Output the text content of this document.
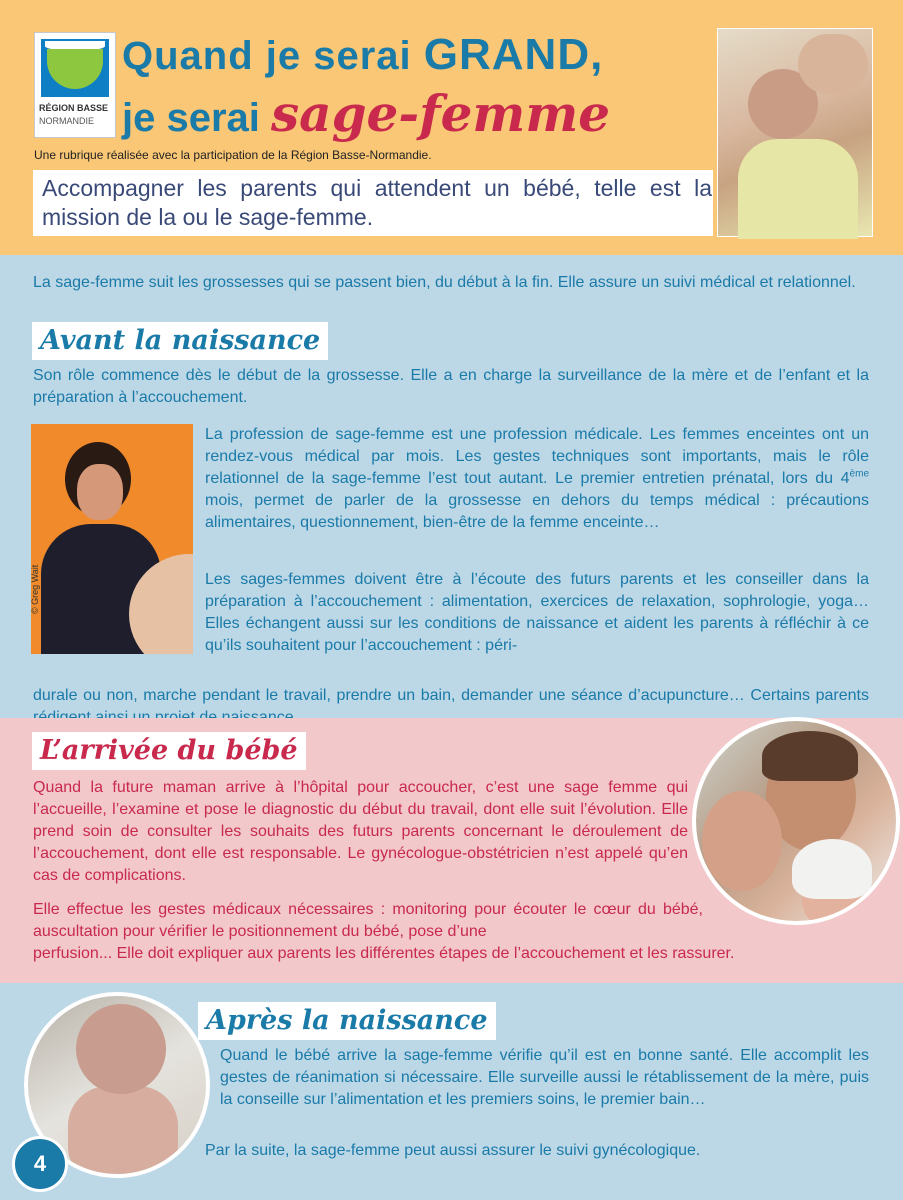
RÉGION BASSE
NORMANDIE
Quand je serai GRAND,
je serai sage-femme
Une rubrique réalisée avec la participation de la Région Basse-Normandie.
Accompagner les parents qui attendent un bébé, telle est la mission de la ou le sage-femme.
La sage-femme suit les grossesses qui se passent bien, du début à la fin. Elle assure un suivi médical et relationnel.
Avant la naissance
Son rôle commence dès le début de la grossesse. Elle a en charge la surveillance de la mère et de l’enfant et la préparation à l’accouchement.
© Greg Wait
La profession de sage-femme est une profession médicale. Les femmes enceintes ont un rendez-vous médical par mois. Les gestes techniques sont importants, mais le rôle relationnel de la sage-femme l’est tout autant. Le premier entretien prénatal, lors du 4ème mois, permet de parler de la grossesse en dehors du temps médical : précautions alimentaires, questionnement, bien-être de la femme enceinte…
Les sages-femmes doivent être à l’écoute des futurs parents et les conseiller dans la préparation à l’accouchement : alimentation, exercices de relaxation, sophrologie, yoga… Elles échangent aussi sur les conditions de naissance et aident les parents à réfléchir à ce qu’ils souhaitent pour l’accouchement : péri-
durale ou non, marche pendant le travail, prendre un bain, demander une séance d’acupuncture… Certains parents
L’arrivée du bébé
Quand la future maman arrive à l’hôpital pour accoucher, c’est une sage femme qui l’accueille, l’examine et pose le diagnostic du début du travail, dont elle suit l’évolution. Elle prend soin de consulter les souhaits des futurs parents concernant le déroulement de l’accouchement, dont elle est responsable. Le gynécologue-obstétricien n’est appelé qu’en cas de complications.
Elle effectue les gestes médicaux nécessaires : monitoring pour écouter le cœur du bébé, auscultation pour vérifier le positionnement du bébé, pose d’une
perfusion... Elle doit expliquer aux parents les différentes étapes de l’accouchement et les rassurer.
Après la naissance
Quand le bébé arrive la sage-femme vérifie qu’il est en bonne santé. Elle accomplit les gestes de réanimation si nécessaire. Elle surveille aussi le rétablissement de la mère, puis la conseille sur l’alimentation et les premiers soins, le premier bain…
Par la suite, la sage-femme peut aussi assurer le suivi gynécologique.
4
